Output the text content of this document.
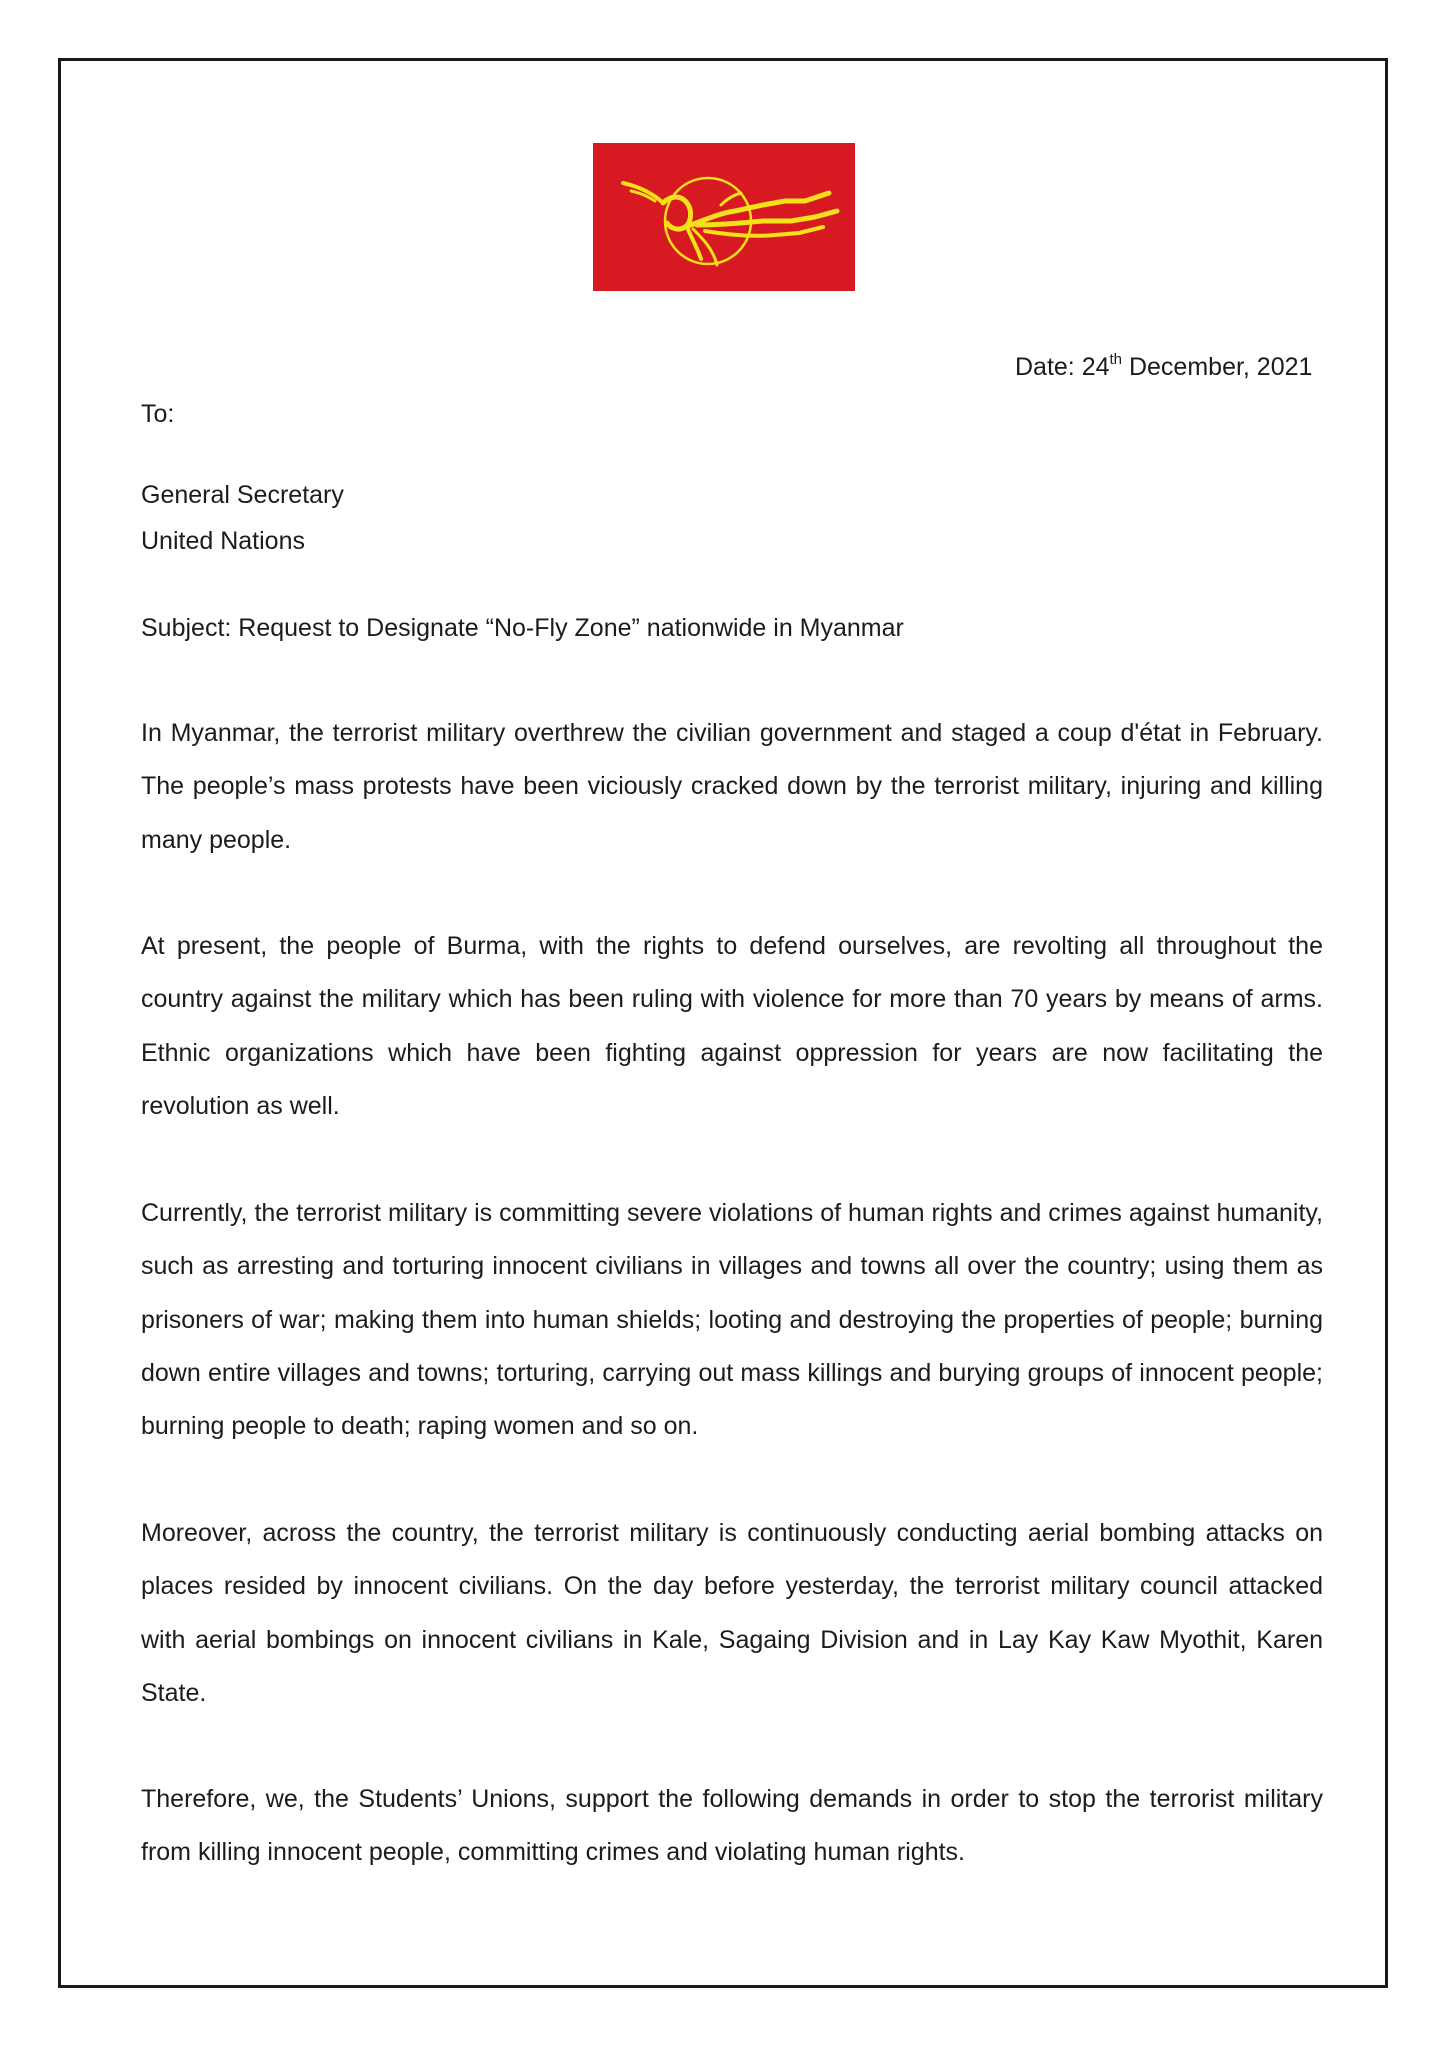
Date: 24th December, 2021
To:
General Secretary
United Nations
Subject: Request to Designate “No-Fly Zone” nationwide in Myanmar

In Myanmar, the terrorist military overthrew the civilian government and staged a coup d'état in February. The people’s mass protests have been viciously cracked down by the terrorist military, injuring and killing many people.

At present, the people of Burma, with the rights to defend ourselves, are revolting all throughout the country against the military which has been ruling with violence for more than 70 years by means of arms. Ethnic organizations which have been fighting against oppression for years are now facilitating the revolution as well.

Currently, the terrorist military is committing severe violations of human rights and crimes against humanity, such as arresting and torturing innocent civilians in villages and towns all over the country; using them as prisoners of war; making them into human shields; looting and destroying the properties of people; burning down entire villages and towns; torturing, carrying out mass killings and burying groups of innocent people; burning people to death; raping women and so on.

Moreover, across the country, the terrorist military is continuously conducting aerial bombing attacks on places resided by innocent civilians. On the day before yesterday, the terrorist military council attacked with aerial bombings on innocent civilians in Kale, Sagaing Division and in Lay Kay Kaw Myothit, Karen State.

Therefore, we, the Students’ Unions, support the following demands in order to stop the terrorist military from killing innocent people, committing crimes and violating human rights.
